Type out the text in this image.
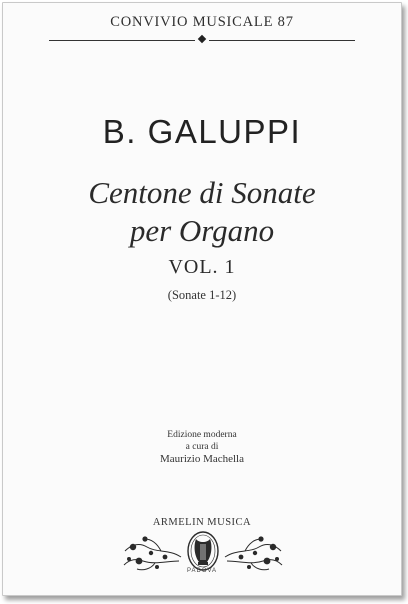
CONVIVIO MUSICALE 87
B. GALUPPI
Centone di Sonate
per Organo
VOL. 1
(Sonate 1-12)
Edizione moderna
a cura di
Maurizio Machella
ARMELIN MUSICA
PADOVA
